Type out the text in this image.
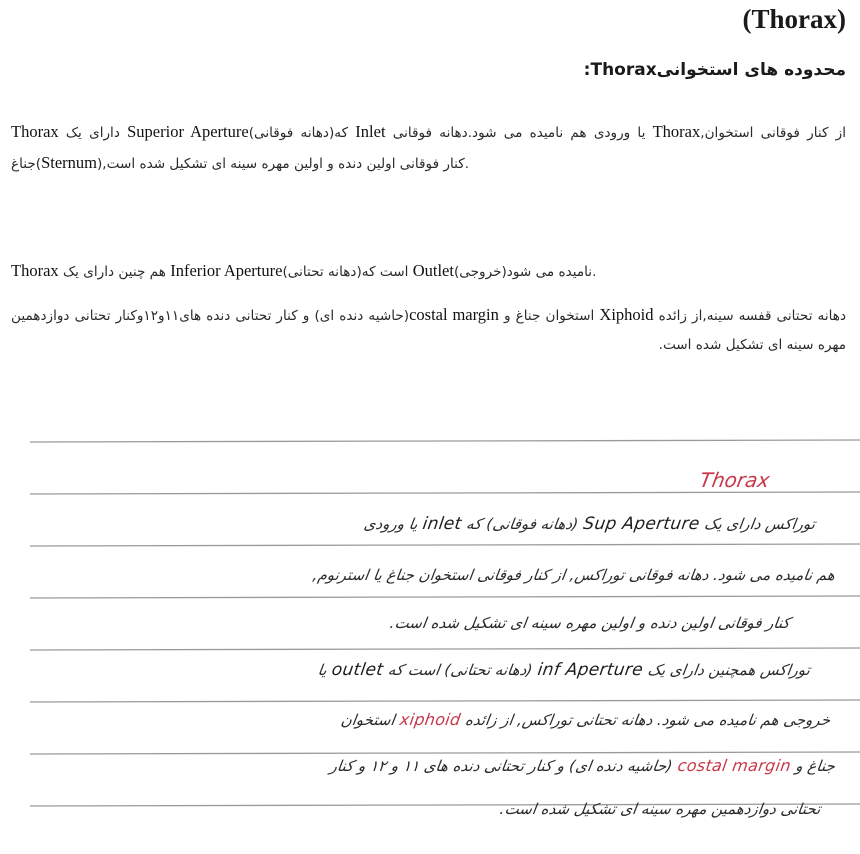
(Thorax)
محدوده های استخوانیThorax:
Thorax دارای یک Superior Aperture(دهانه فوقانی)که Inlet یا ورودی هم نامیده می شود.دهانه فوقانی Thorax,از کنار فوقانی استخوان جناغ(Sternum),کنار فوقانی اولین دنده و اولین مهره سینه ای تشکیل شده است.
Thorax هم چنین دارای یک Inferior Aperture(دهانه تحتانی)است که Outlet(خروجی)نامیده می شود.
دهانه تحتانی قفسه سینه,از زائده Xiphoid استخوان جناغ و costal margin(حاشیه دنده ای) و کنار تحتانی دنده های۱۱و۱۲وکنار تحتانی دوازدهمین مهره سینه ای تشکیل شده است.
Thorax
توراکس دارای یک Sup Aperture (دهانه فوقانی) که inlet یا ورودی
هم نامیده می شود. دهانه فوقانی توراکس, از کنار فوقانی استخوان جناغ یا استرنوم,
کنار فوقانی اولین دنده و اولین مهره سینه ای تشکیل شده است.
توراکس همچنین دارای یک inf Aperture (دهانه تحتانی) است که outlet یا
خروجی هم نامیده می شود. دهانه تحتانی توراکس, از زائده xiphoid استخوان
جناغ و costal margin (حاشیه دنده ای) و کنار تحتانی دنده های ۱۱ و ۱۲ و کنار
تحتانی دوازدهمین مهره سینه ای تشکیل شده است.
